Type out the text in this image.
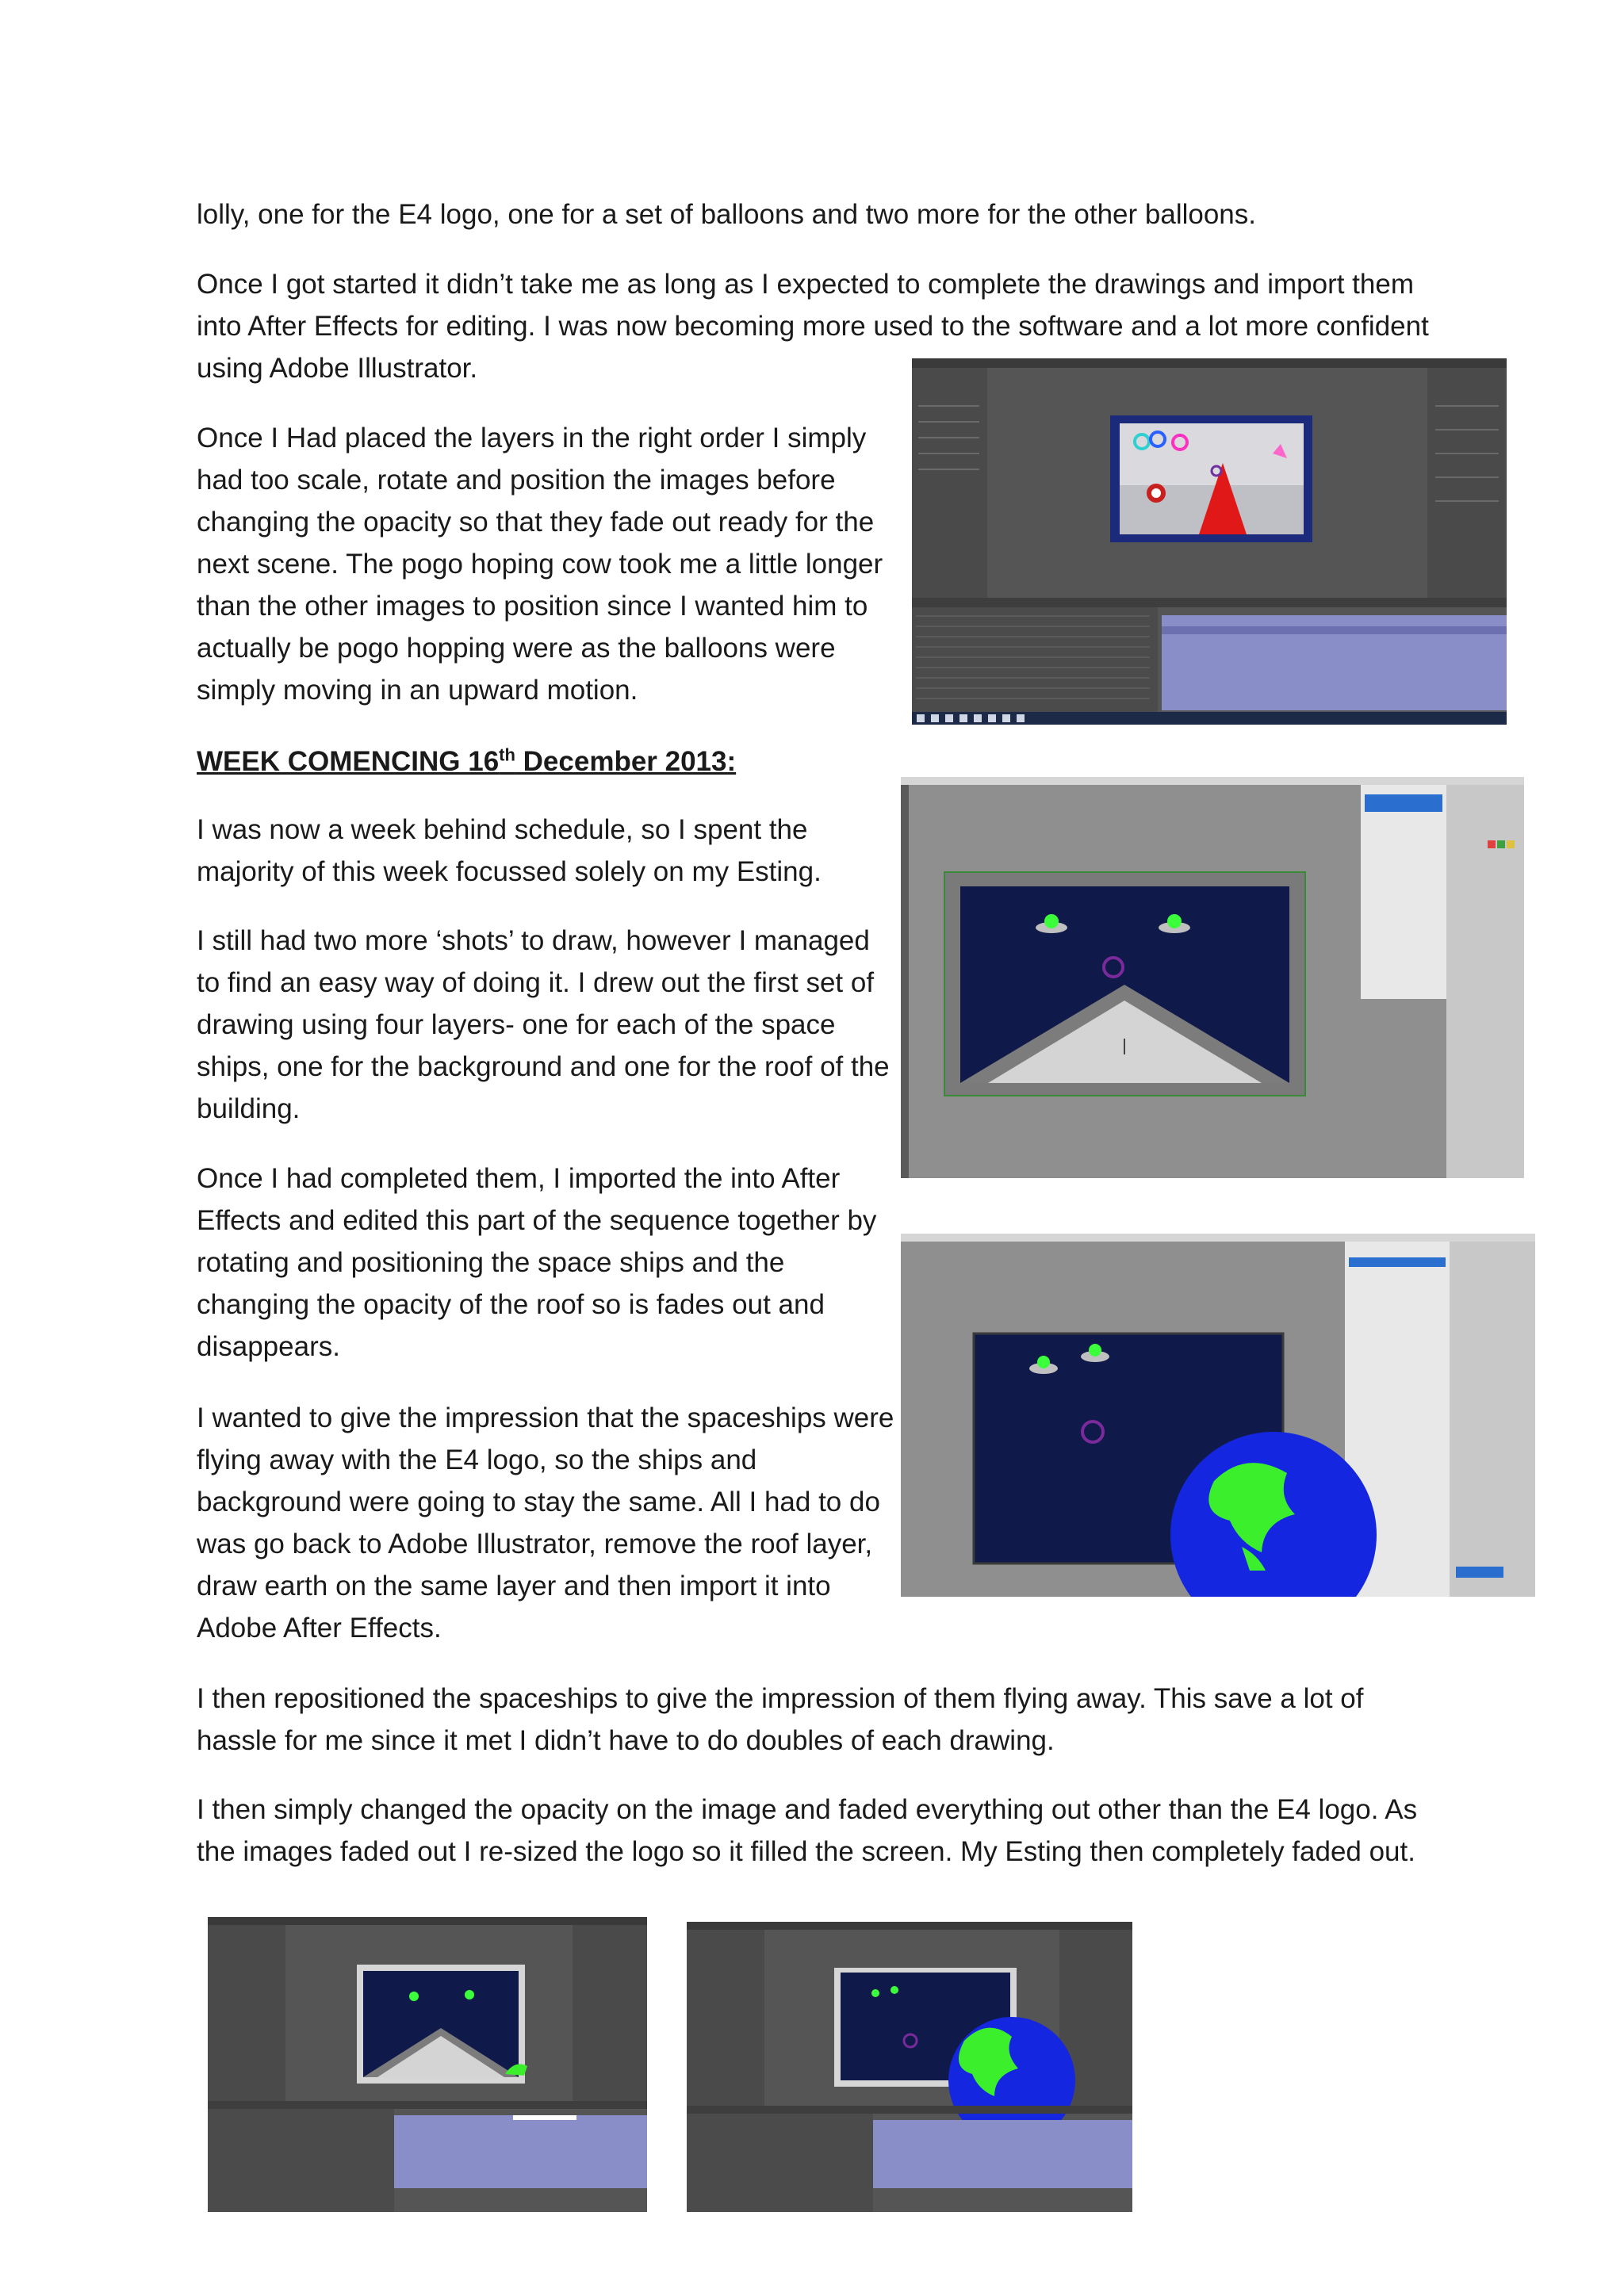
lolly, one for the E4 logo, one for a set of balloons and two more for the other balloons.

Once I got started it didn’t take me as long as I expected to complete the drawings and import them into After Effects for editing. I was now becoming more used to the software and a lot more confident using Adobe Illustrator.

Once I Had placed the layers in the right order I simply had too scale, rotate and position the images before changing the opacity so that they fade out ready for the next scene. The pogo hoping cow took me a little longer than the other images to position since I wanted him to actually be pogo hopping were as the balloons were simply moving in an upward motion.

WEEK COMENCING 16th December 2013:

I was now a week behind schedule, so I spent the majority of this week focussed solely on my Esting.

I still had two more ‘shots’ to draw, however I managed to find an easy way of doing it. I drew out the first set of drawing using four layers- one for each of the space ships, one for the background and one for the roof of the building.

Once I had completed them, I imported the into After Effects and edited this part of the sequence together by rotating and positioning the space ships and the changing the opacity of the roof so is fades out and disappears.

I wanted to give the impression that the spaceships were flying away with the E4 logo, so the ships and background were going to stay the same. All I had to do was go back to Adobe Illustrator, remove the roof layer, draw earth on the same layer and then import it into Adobe After Effects.

I then repositioned the spaceships to give the impression of them flying away. This save a lot of hassle for me since it met I didn’t have to do doubles of each drawing.

I then simply changed the opacity on the image and faded everything out other than the E4 logo. As the images faded out I re-sized the logo so it filled the screen. My Esting then completely faded out.
